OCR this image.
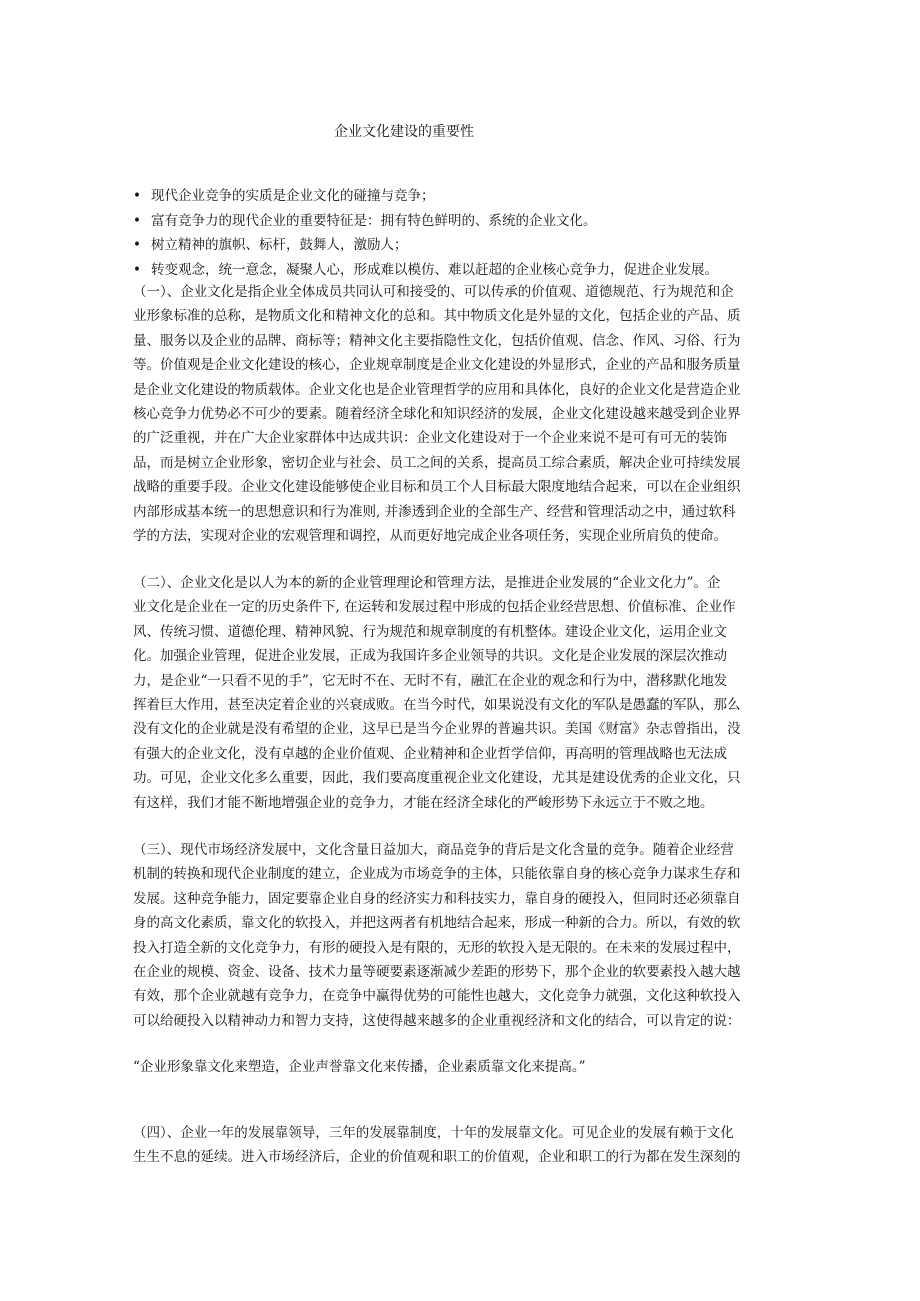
企业文化建设的重要性
• 现代企业竞争的实质是企业文化的碰撞与竞争；
• 富有竞争力的现代企业的重要特征是：拥有特色鲜明的、系统的企业文化。
• 树立精神的旗帜、标杆，鼓舞人，激励人；
• 转变观念，统一意念，凝聚人心，形成难以模仿、难以赶超的企业核心竞争力，促进企业发展。
（一）、企业文化是指企业全体成员共同认可和接受的、可以传承的价值观、道德规范、行为规范和企
业形象标准的总称，是物质文化和精神文化的总和。其中物质文化是外显的文化，包括企业的产品、质
量、服务以及企业的品牌、商标等；精神文化主要指隐性文化，包括价值观、信念、作风、习俗、行为
等。价值观是企业文化建设的核心，企业规章制度是企业文化建设的外显形式，企业的产品和服务质量
是企业文化建设的物质载体。企业文化也是企业管理哲学的应用和具体化，良好的企业文化是营造企业
核心竞争力优势必不可少的要素。随着经济全球化和知识经济的发展，企业文化建设越来越受到企业界
的广泛重视，并在广大企业家群体中达成共识：企业文化建设对于一个企业来说不是可有可无的装饰
品，而是树立企业形象，密切企业与社会、员工之间的关系，提高员工综合素质，解决企业可持续发展
战略的重要手段。企业文化建设能够使企业目标和员工个人目标最大限度地结合起来，可以在企业组织
内部形成基本统一的思想意识和行为准则, 并渗透到企业的全部生产、经营和管理活动之中，通过软科
学的方法，实现对企业的宏观管理和调控，从而更好地完成企业各项任务，实现企业所肩负的使命。
（二）、企业文化是以人为本的新的企业管理理论和管理方法，是推进企业发展的“企业文化力”。企
业文化是企业在一定的历史条件下, 在运转和发展过程中形成的包括企业经营思想、价值标准、企业作
风、传统习惯、道德伦理、精神风貌、行为规范和规章制度的有机整体。建设企业文化，运用企业文
化。加强企业管理，促进企业发展，正成为我国许多企业领导的共识。文化是企业发展的深层次推动
力，是企业“一只看不见的手”，它无时不在、无时不有，融汇在企业的观念和行为中，潜移默化地发
挥着巨大作用，甚至决定着企业的兴衰成败。在当今时代，如果说没有文化的军队是愚蠢的军队，那么
没有文化的企业就是没有希望的企业，这早已是当今企业界的普遍共识。美国《财富》杂志曾指出，没
有强大的企业文化，没有卓越的企业价值观、企业精神和企业哲学信仰，再高明的管理战略也无法成
功。可见，企业文化多么重要，因此，我们要高度重视企业文化建设，尤其是建设优秀的企业文化，只
有这样，我们才能不断地增强企业的竞争力，才能在经济全球化的严峻形势下永远立于不败之地。
（三）、现代市场经济发展中，文化含量日益加大，商品竞争的背后是文化含量的竞争。随着企业经营
机制的转换和现代企业制度的建立，企业成为市场竞争的主体，只能依靠自身的核心竞争力谋求生存和
发展。这种竞争能力，固定要靠企业自身的经济实力和科技实力，靠自身的硬投入，但同时还必须靠自
身的高文化素质，靠文化的软投入，并把这两者有机地结合起来，形成一种新的合力。所以，有效的软
投入打造全新的文化竞争力，有形的硬投入是有限的，无形的软投入是无限的。在未来的发展过程中，
在企业的规模、资金、设备、技术力量等硬要素逐渐减少差距的形势下，那个企业的软要素投入越大越
有效，那个企业就越有竞争力，在竞争中赢得优势的可能性也越大，文化竞争力就强，文化这种软投入
可以给硬投入以精神动力和智力支持，这使得越来越多的企业重视经济和文化的结合，可以肯定的说：
“企业形象靠文化来塑造，企业声誉靠文化来传播，企业素质靠文化来提高。”
（四）、企业一年的发展靠领导，三年的发展靠制度，十年的发展靠文化。可见企业的发展有赖于文化
生生不息的延续。进入市场经济后，企业的价值观和职工的价值观，企业和职工的行为都在发生深刻的
